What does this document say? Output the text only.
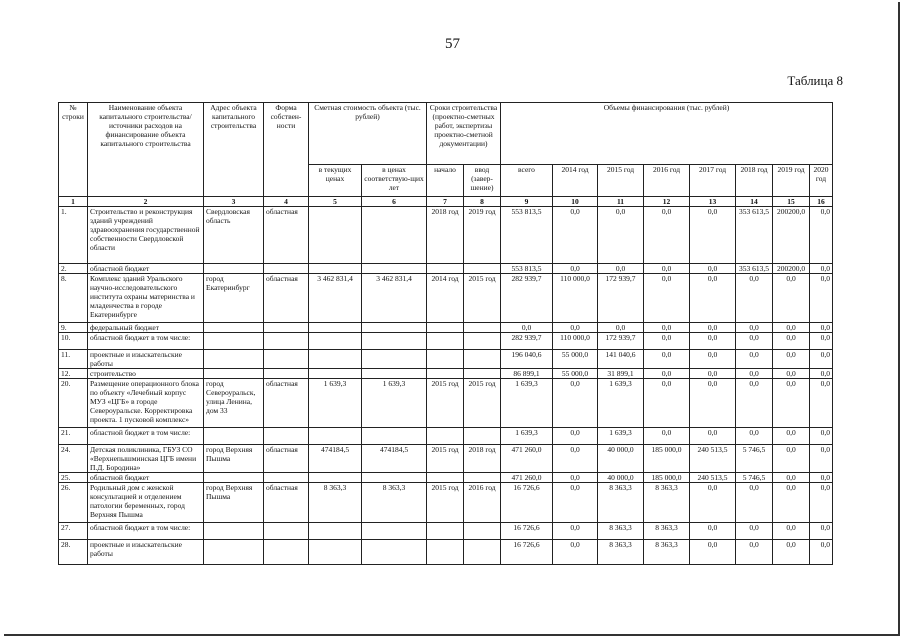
57
Таблица 8
№ строки	Наименование объекта капитального строительства/ источники расходов на финансирование объекта капитального строительства	Адрес объекта капитального строительства	Форма собствен-ности	Сметная стоимость объекта (тыс. рублей)		Сроки строительства (проектно-сметных работ, экспертизы проектно-сметной документации)		Объемы финансирования (тыс. рублей)							
				в текущих ценах	в ценах соответствую-щих лет	начало	ввод (завер-шение)	всего	2014 год	2015 год	2016 год	2017 год	2018 год	2019 год	2020 год
1	2	3	4	5	6	7	8	9	10	11	12	13	14	15	16
1.	Строительство и реконструкция зданий учреждений здравоохранения государственной собственности Свердловской области	Свердловская область	областная			2018 год	2019 год	553 813,5	0,0	0,0	0,0	0,0	353 613,5	200200,0	0,0
2.	областной бюджет							553 813,5	0,0	0,0	0,0	0,0	353 613,5	200200,0	0,0
8.	Комплекс зданий Уральского научно-исследовательского института охраны материнства и младенчества в городе Екатеринбурге	город Екатеринбург	областная	3 462 831,4	3 462 831,4	2014 год	2015 год	282 939,7	110 000,0	172 939,7	0,0	0,0	0,0	0,0	0,0
9.	федеральный бюджет							0,0	0,0	0,0	0,0	0,0	0,0	0,0	0,0
10.	областной бюджет в том числе:							282 939,7	110 000,0	172 939,7	0,0	0,0	0,0	0,0	0,0
11.	проектные и изыскательские работы							196 040,6	55 000,0	141 040,6	0,0	0,0	0,0	0,0	0,0
12.	строительство							86 899,1	55 000,0	31 899,1	0,0	0,0	0,0	0,0	0,0
20.	Размещение операционного блока по объекту «Лечебный корпус МУЗ «ЦГБ» в городе Североуральске. Корректировка проекта. 1 пусковой комплекс»	город Североуральск, улица Ленина, дом 33	областная	1 639,3	1 639,3	2015 год	2015 год	1 639,3	0,0	1 639,3	0,0	0,0	0,0	0,0	0,0
21.	областной бюджет в том числе:							1 639,3	0,0	1 639,3	0,0	0,0	0,0	0,0	0,0
24.	Детская поликлиника, ГБУЗ СО «Верхнепышминская ЦГБ имени П.Д. Бородина»	город Верхняя Пышма	областная	474184,5	474184,5	2015 год	2018 год	471 260,0	0,0	40 000,0	185 000,0	240 513,5	5 746,5	0,0	0,0
25.	областной бюджет							471 260,0	0,0	40 000,0	185 000,0	240 513,5	5 746,5	0,0	0,0
26.	Родильный дом с женской консультацией и отделением патологии беременных, город Верхняя Пышма	город Верхняя Пышма	областная	8 363,3	8 363,3	2015 год	2016 год	16 726,6	0,0	8 363,3	8 363,3	0,0	0,0	0,0	0,0
27.	областной бюджет в том числе:							16 726,6	0,0	8 363,3	8 363,3	0,0	0,0	0,0	0,0
28.	проектные и изыскательские работы							16 726,6	0,0	8 363,3	8 363,3	0,0	0,0	0,0	0,0
